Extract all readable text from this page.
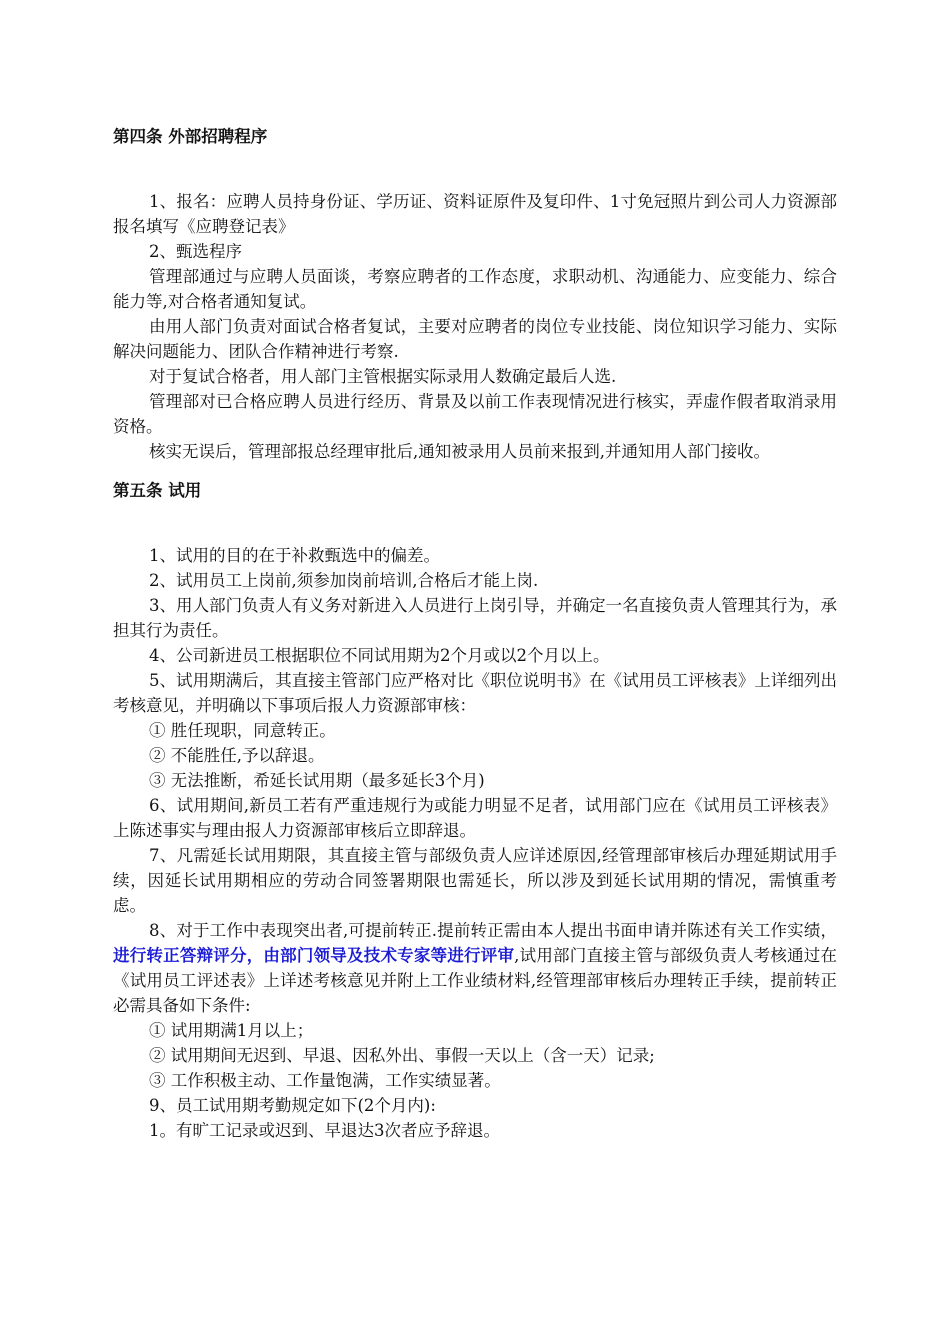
第四条 外部招聘程序

1、报名：应聘人员持身份证、学历证、资料证原件及复印件、1寸免冠照片到公司人力资源部报名填写《应聘登记表》

2、甄选程序

管理部通过与应聘人员面谈，考察应聘者的工作态度，求职动机、沟通能力、应变能力、综合能力等,对合格者通知复试。

由用人部门负责对面试合格者复试，主要对应聘者的岗位专业技能、岗位知识学习能力、实际解决问题能力、团队合作精神进行考察.

对于复试合格者，用人部门主管根据实际录用人数确定最后人选.

管理部对已合格应聘人员进行经历、背景及以前工作表现情况进行核实，弄虚作假者取消录用资格。

核实无误后，管理部报总经理审批后,通知被录用人员前来报到,并通知用人部门接收。

第五条 试用

1、试用的目的在于补救甄选中的偏差。

2、试用员工上岗前,须参加岗前培训,合格后才能上岗.

3、用人部门负责人有义务对新进入人员进行上岗引导，并确定一名直接负责人管理其行为，承担其行为责任。

4、公司新进员工根据职位不同试用期为2个月或以2个月以上。

5、试用期满后，其直接主管部门应严格对比《职位说明书》在《试用员工评核表》上详细列出考核意见，并明确以下事项后报人力资源部审核：

① 胜任现职，同意转正。

② 不能胜任,予以辞退。

③ 无法推断，希延长试用期（最多延长3个月)

6、试用期间,新员工若有严重违规行为或能力明显不足者，试用部门应在《试用员工评核表》上陈述事实与理由报人力资源部审核后立即辞退。

7、凡需延长试用期限，其直接主管与部级负责人应详述原因,经管理部审核后办理延期试用手续，因延长试用期相应的劳动合同签署期限也需延长，所以涉及到延长试用期的情况，需慎重考虑。

8、对于工作中表现突出者,可提前转正.提前转正需由本人提出书面申请并陈述有关工作实绩，进行转正答辩评分，由部门领导及技术专家等进行评审,试用部门直接主管与部级负责人考核通过在《试用员工评述表》上详述考核意见并附上工作业绩材料,经管理部审核后办理转正手续，提前转正必需具备如下条件:

① 试用期满1月以上；

② 试用期间无迟到、早退、因私外出、事假一天以上（含一天）记录;

③ 工作积极主动、工作量饱满，工作实绩显著。

9、员工试用期考勤规定如下(2个月内):

1。有旷工记录或迟到、早退达3次者应予辞退。
